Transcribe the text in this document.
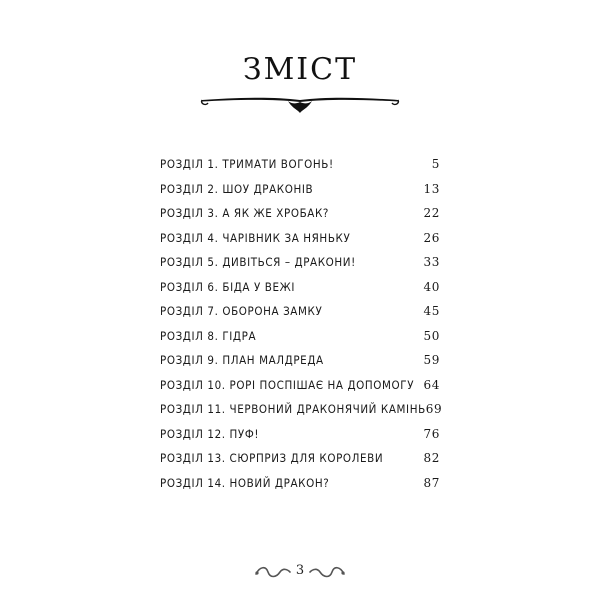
ЗМІСТ
РОЗДІЛ 1. ТРИМАТИ ВОГОНЬ!	5
РОЗДІЛ 2. ШОУ ДРАКОНІВ	13
РОЗДІЛ 3. А ЯК ЖЕ ХРОБАК?	22
РОЗДІЛ 4. ЧАРІВНИК ЗА НЯНЬКУ	26
РОЗДІЛ 5. ДИВІТЬСЯ – ДРАКОНИ!	33
РОЗДІЛ 6. БІДА У ВЕЖІ	40
РОЗДІЛ 7. ОБОРОНА ЗАМКУ	45
РОЗДІЛ 8. ГІДРА	50
РОЗДІЛ 9. ПЛАН МАЛДРЕДА	59
РОЗДІЛ 10. РОРІ ПОСПІШАЄ НА ДОПОМОГУ 64
РОЗДІЛ 11. ЧЕРВОНИЙ ДРАКОНЯЧИЙ КАМІНЬ 69
РОЗДІЛ 12. ПУФ!	76
РОЗДІЛ 13. СЮРПРИЗ ДЛЯ КОРОЛЕВИ	82
РОЗДІЛ 14. НОВИЙ ДРАКОН?	87
3
